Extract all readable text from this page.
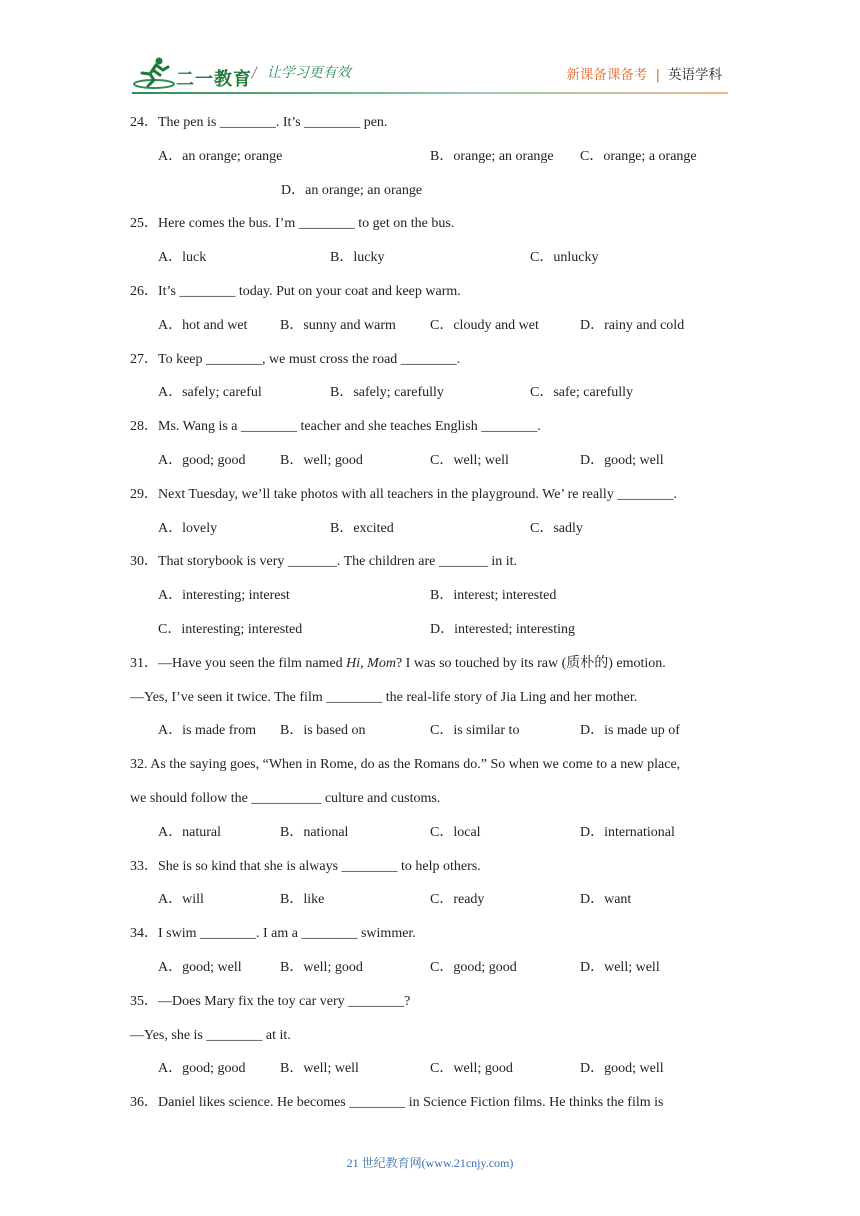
二一教育 / 让学习更有效	新课备课备考 | 英语学科
24．The pen is ________. It’s ________ pen.
A．an orange; orange	B．orange; an orange C．orange; a orange
D．an orange; an orange
25．Here comes the bus. I’m ________ to get on the bus.
A．luck	B．lucky	C．unlucky
26．It’s ________ today. Put on your coat and keep warm.
A．hot and wet B．sunny and warm C．cloudy and wet	D．rainy and cold
27．To keep ________, we must cross the road ________.
A．safely; careful	B．safely; carefully	C．safe; carefully
28．Ms. Wang is a ________ teacher and she teaches English ________.
A．good; good B．well; good	C．well; well	D．good; well
29．Next Tuesday, we’ll take photos with all teachers in the playground. We’ re really ________.
A．lovely	B．excited	C．sadly
30．That storybook is very _______. The children are _______ in it.
A．interesting; interest	B．interest; interested
C．interesting; interested	D．interested; interesting
31．—Have you seen the film named Hi, Mom? I was so touched by its raw (质朴的) emotion.
—Yes, I’ve seen it twice. The film ________ the real-life story of Jia Ling and her mother.
A．is made from B．is based on	C．is similar to	D．is made up of
32. As the saying goes, “When in Rome, do as the Romans do.” So when we come to a new place,
we should follow the __________ culture and customs.
A．natural	B．national	C．local	D．international
33．She is so kind that she is always ________ to help others.
A．will	B．like	C．ready	D．want
34．I swim ________. I am a ________ swimmer.
A．good; well	B．well; good	C．good; good	D．well; well
35．—Does Mary fix the toy car very ________?
—Yes, she is ________ at it.
A．good; good B．well; well	C．well; good	D．good; well
36．Daniel likes science. He becomes ________ in Science Fiction films. He thinks the film is
21 世纪教育网(www.21cnjy.com)
